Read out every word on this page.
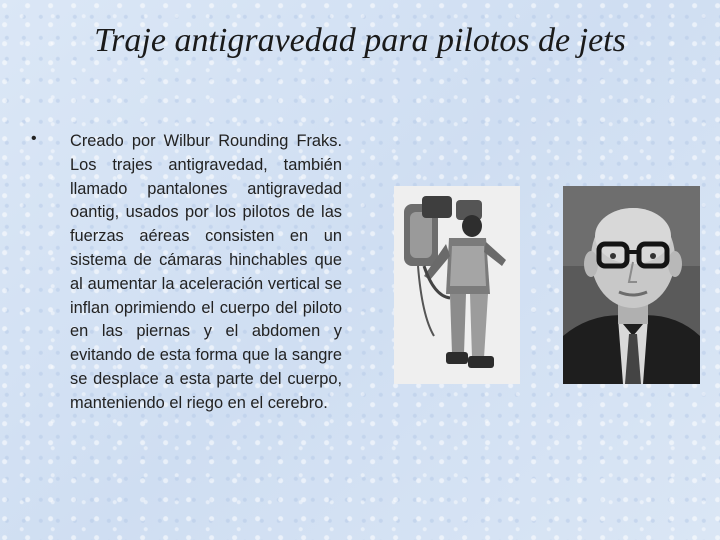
Traje antigravedad para pilotos de jets
• Creado por Wilbur Rounding Fraks. Los trajes antigravedad, también llamado pantalones antigravedad oantig, usados por los pilotos de las fuerzas aéreas consisten en un sistema de cámaras hinchables que al aumentar la aceleración vertical se inflan oprimiendo el cuerpo del piloto en las piernas y el abdomen y evitando de esta forma que la sangre se desplace a esta parte del cuerpo, manteniendo el riego en el cerebro.
